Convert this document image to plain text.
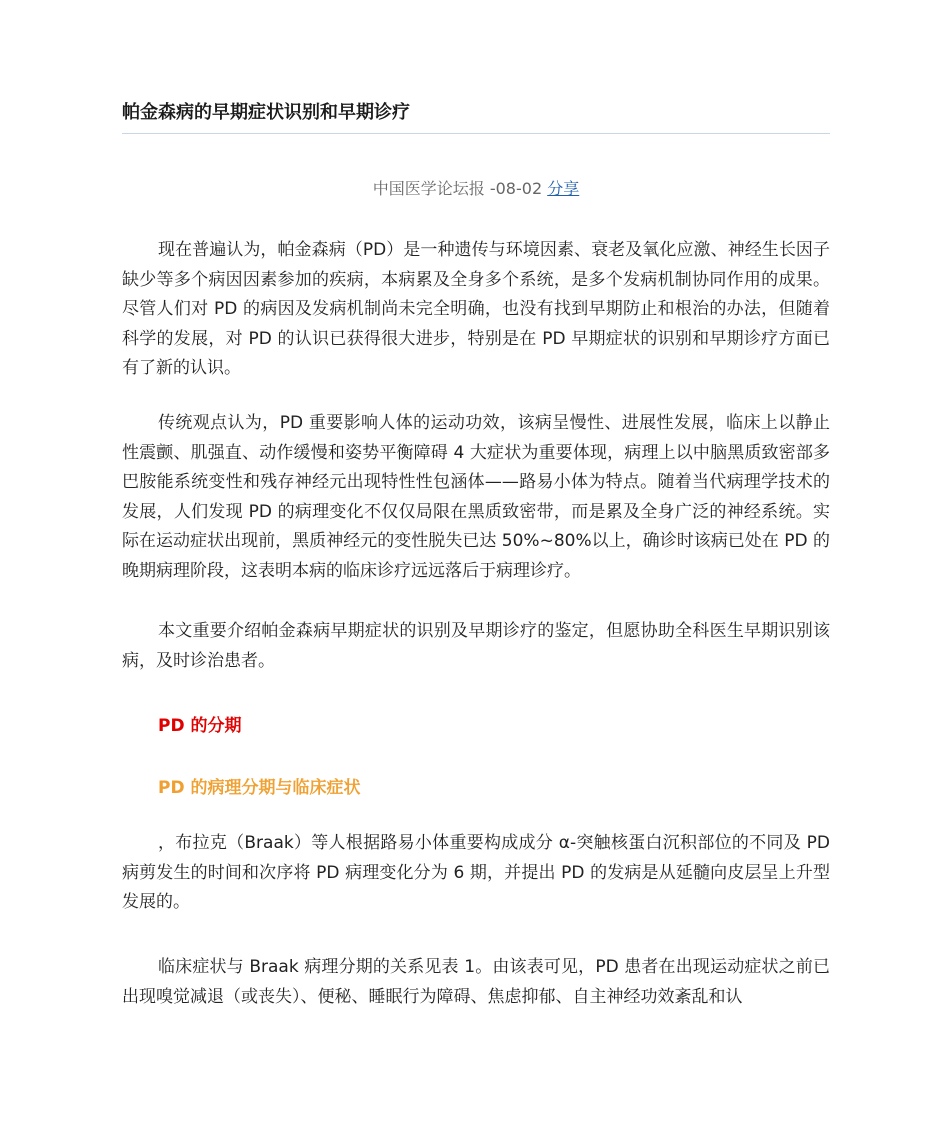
帕金森病的早期症状识别和早期诊疗
中国医学论坛报 -08-02 分享

现在普遍认为，帕金森病（PD）是一种遗传与环境因素、衰老及氧化应激、神经生长因子缺少等多个病因因素参加的疾病，本病累及全身多个系统，是多个发病机制协同作用的成果。尽管人们对 PD 的病因及发病机制尚未完全明确，也没有找到早期防止和根治的办法，但随着科学的发展，对 PD 的认识已获得很大进步，特别是在 PD 早期症状的识别和早期诊疗方面已有了新的认识。

传统观点认为，PD 重要影响人体的运动功效，该病呈慢性、进展性发展，临床上以静止性震颤、肌强直、动作缓慢和姿势平衡障碍 4 大症状为重要体现，病理上以中脑黑质致密部多巴胺能系统变性和残存神经元出现特性性包涵体——路易小体为特点。随着当代病理学技术的发展，人们发现 PD 的病理变化不仅仅局限在黑质致密带，而是累及全身广泛的神经系统。实际在运动症状出现前，黑质神经元的变性脱失已达 50%~80%以上，确诊时该病已处在 PD 的晚期病理阶段，这表明本病的临床诊疗远远落后于病理诊疗。

本文重要介绍帕金森病早期症状的识别及早期诊疗的鉴定，但愿协助全科医生早期识别该病，及时诊治患者。

PD 的分期
PD 的病理分期与临床症状

，布拉克（Braak）等人根据路易小体重要构成成分 α-突触核蛋白沉积部位的不同及 PD 病剪发生的时间和次序将 PD 病理变化分为 6 期，并提出 PD 的发病是从延髓向皮层呈上升型发展的。

临床症状与 Braak 病理分期的关系见表 1。由该表可见，PD 患者在出现运动症状之前已出现嗅觉减退（或丧失）、便秘、睡眠行为障碍、焦虑抑郁、自主神经功效紊乱和认
